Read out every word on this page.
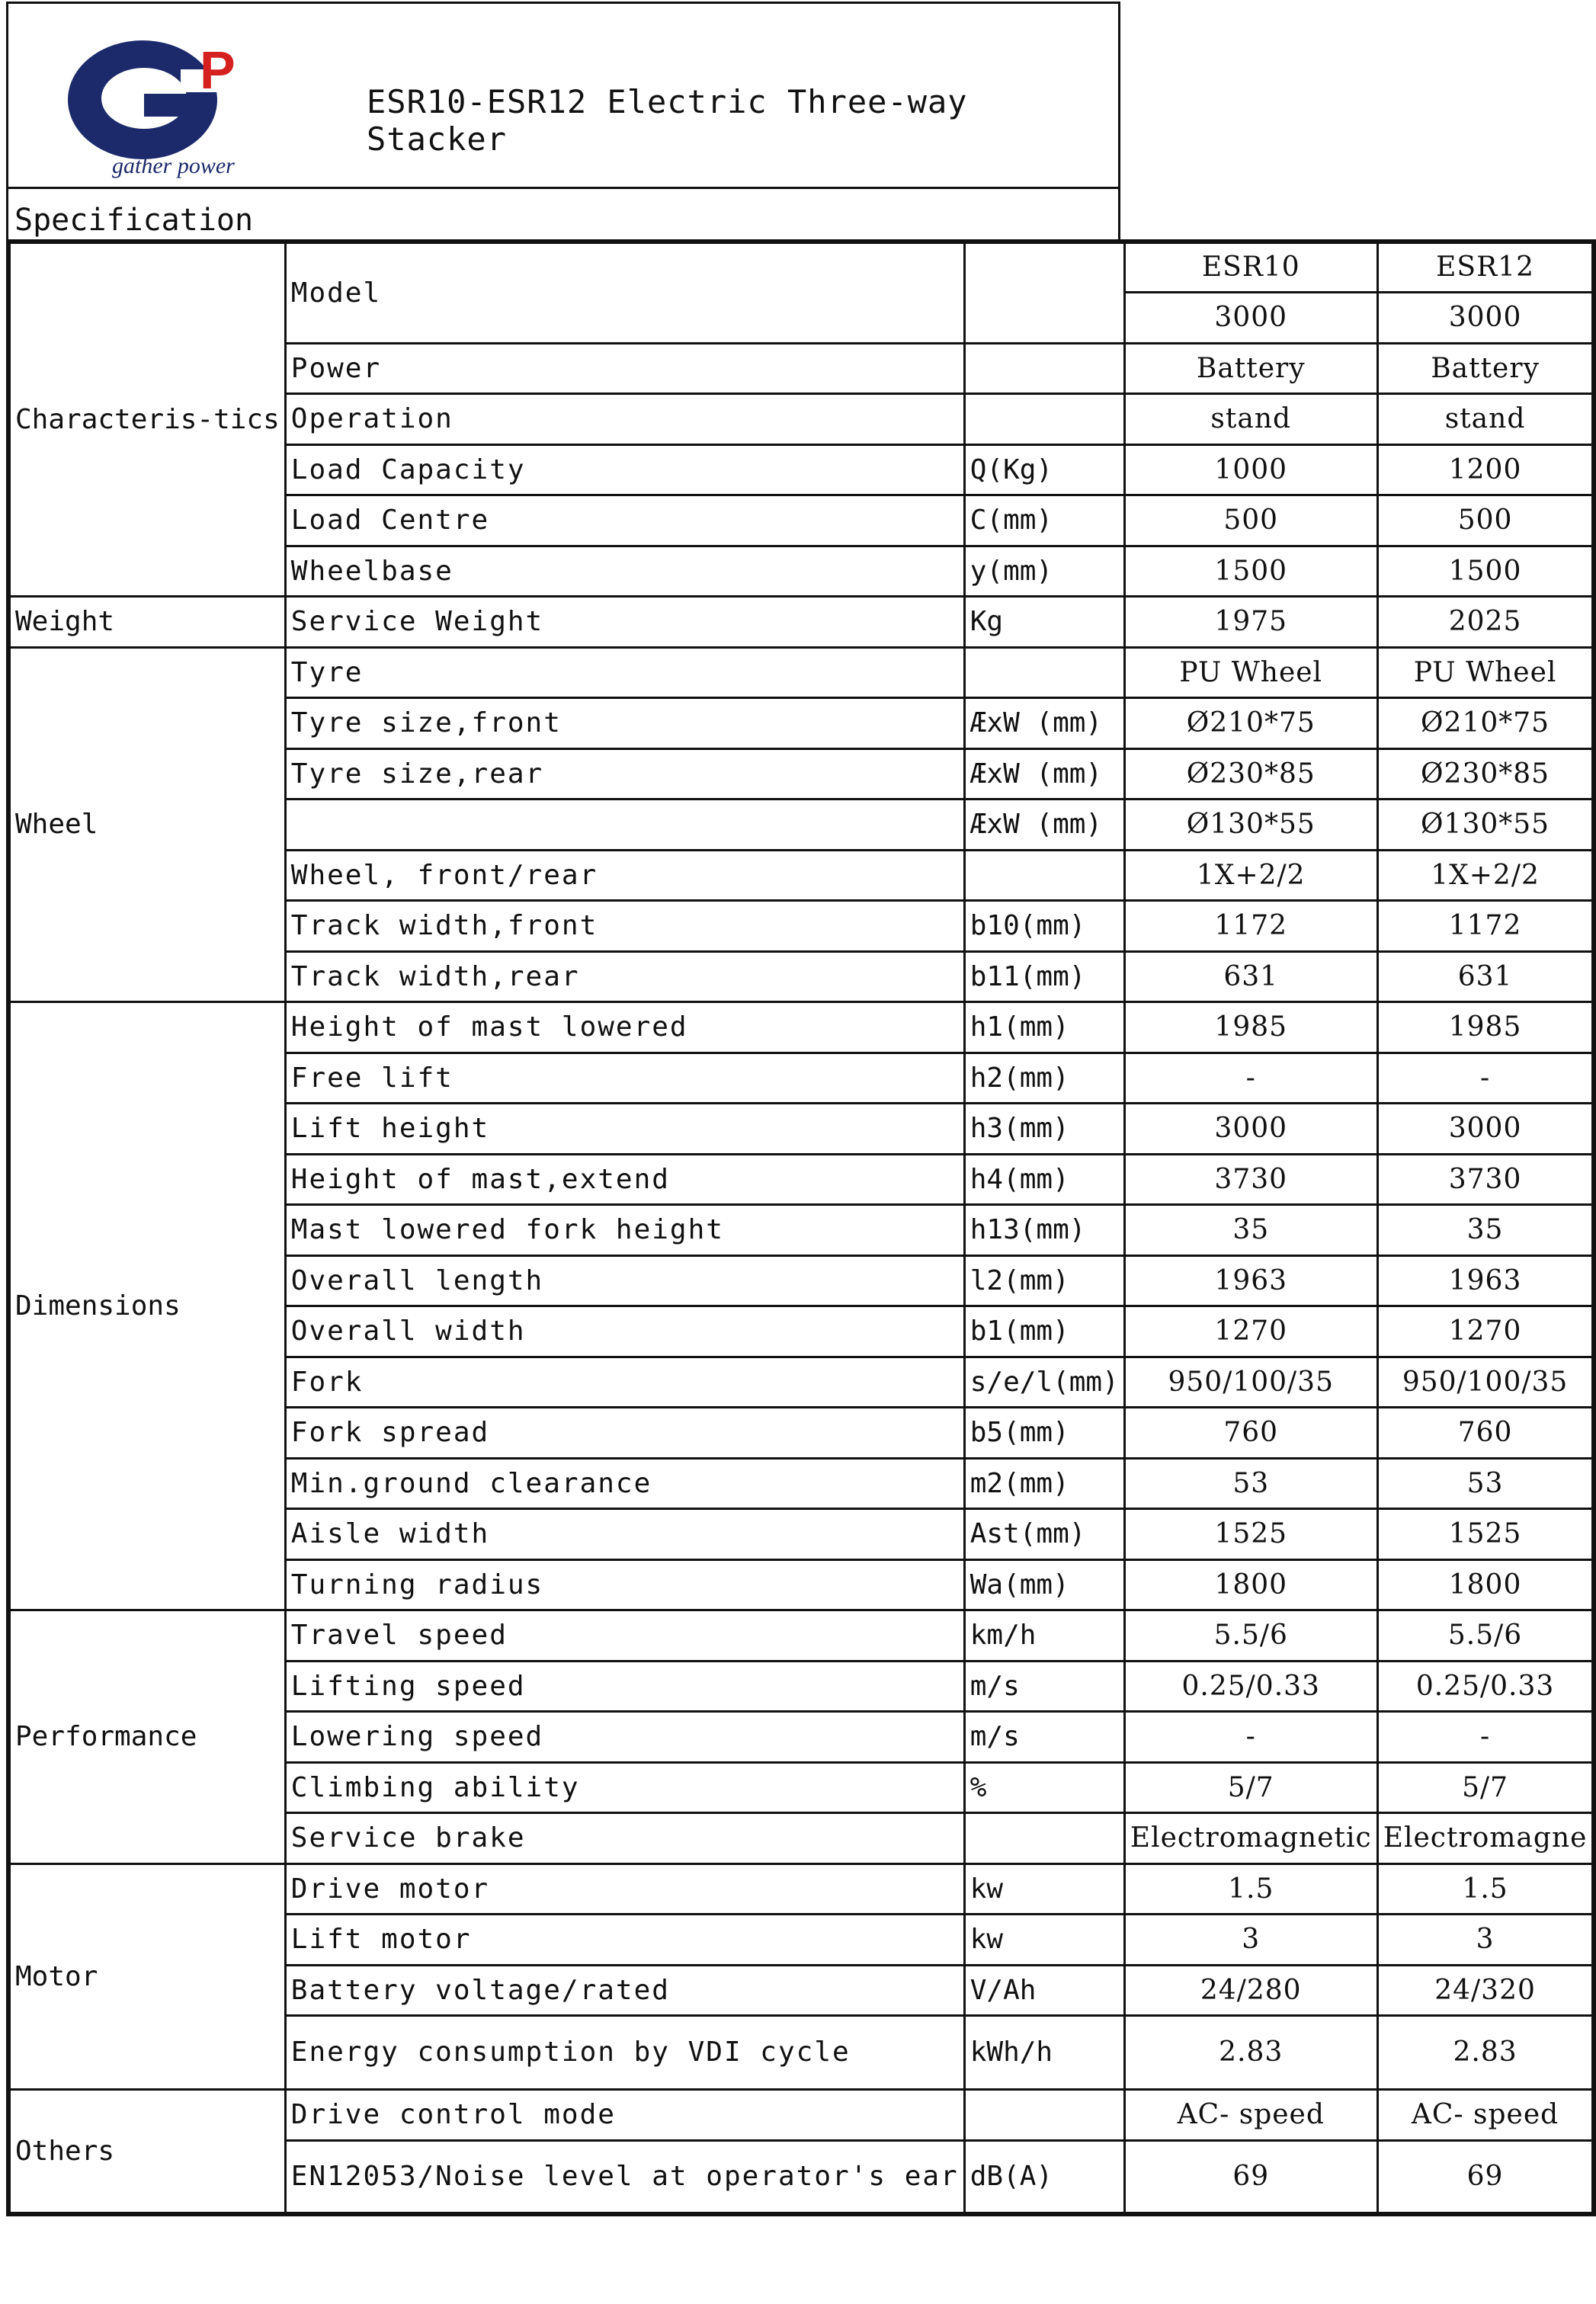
P
gather power
ESR10-ESR12 Electric Three-way Stacker
Specification
Characteris-tics	Model		ESR10	ESR12
			3000	3000
	Power		Battery	Battery
	Operation		stand	stand
	Load Capacity	Q(Kg)	1000	1200
	Load Centre	C(mm)	500	500
	Wheelbase	y(mm)	1500	1500
Weight	Service Weight	Kg	1975	2025
Wheel	Tyre		PU Wheel	PU Wheel
	Tyre size,front	ÆxW (mm)	Ø210*75	Ø210*75
	Tyre size,rear	ÆxW (mm)	Ø230*85	Ø230*85
		ÆxW (mm)	Ø130*55	Ø130*55
	Wheel, front/rear		1X+2/2	1X+2/2
	Track width,front	b10(mm)	1172	1172
	Track width,rear	b11(mm)	631	631
Dimensions	Height of mast lowered	h1(mm)	1985	1985
	Free lift	h2(mm)	-	-
	Lift height	h3(mm)	3000	3000
	Height of mast,extend	h4(mm)	3730	3730
	Mast lowered fork height	h13(mm)	35	35
	Overall length	l2(mm)	1963	1963
	Overall width	b1(mm)	1270	1270
	Fork	s/e/l(mm)	950/100/35	950/100/35
	Fork spread	b5(mm)	760	760
	Min.ground clearance	m2(mm)	53	53
	Aisle width	Ast(mm)	1525	1525
	Turning radius	Wa(mm)	1800	1800
Performance	Travel speed	km/h	5.5/6	5.5/6
	Lifting speed	m/s	0.25/0.33	0.25/0.33
	Lowering speed	m/s	-	-
	Climbing ability	%	5/7	5/7
	Service brake		Electromagnetic	Electromagne
Motor	Drive motor	kw	1.5	1.5
	Lift motor	kw	3	3
	Battery voltage/rated	V/Ah	24/280	24/320
	Energy consumption by VDI cycle	kWh/h	2.83	2.83
Others	Drive control mode		AC- speed	AC- speed
	EN12053/Noise level at operator's ear	dB(A)	69	69
